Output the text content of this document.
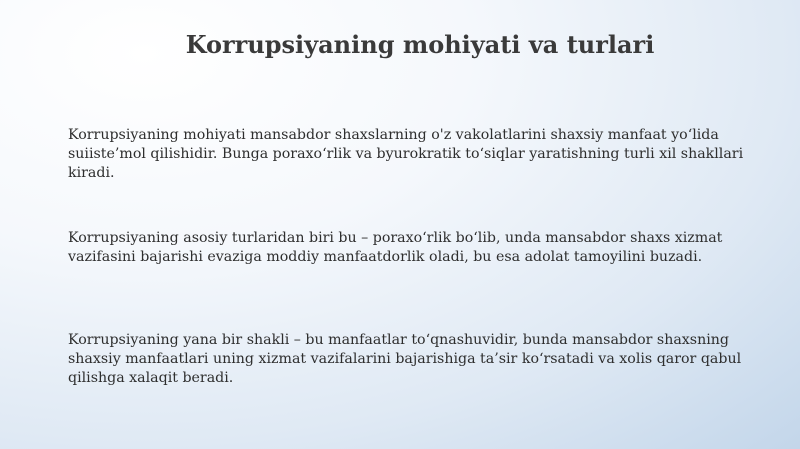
Korrupsiyaning mohiyati va turlari

Korrupsiyaning mohiyati mansabdor shaxslarning o'z vakolatlarini shaxsiy manfaat yo‘lida suiiste’mol qilishidir. Bunga poraxo‘rlik va byurokratik to‘siqlar yaratishning turli xil shakllari kiradi.

Korrupsiyaning asosiy turlaridan biri bu – poraxo‘rlik bo‘lib, unda mansabdor shaxs xizmat vazifasini bajarishi evaziga moddiy manfaatdorlik oladi, bu esa adolat tamoyilini buzadi.

Korrupsiyaning yana bir shakli – bu manfaatlar to‘qnashuvidir, bunda mansabdor shaxsning shaxsiy manfaatlari uning xizmat vazifalarini bajarishiga ta’sir ko‘rsatadi va xolis qaror qabul qilishga xalaqit beradi.
